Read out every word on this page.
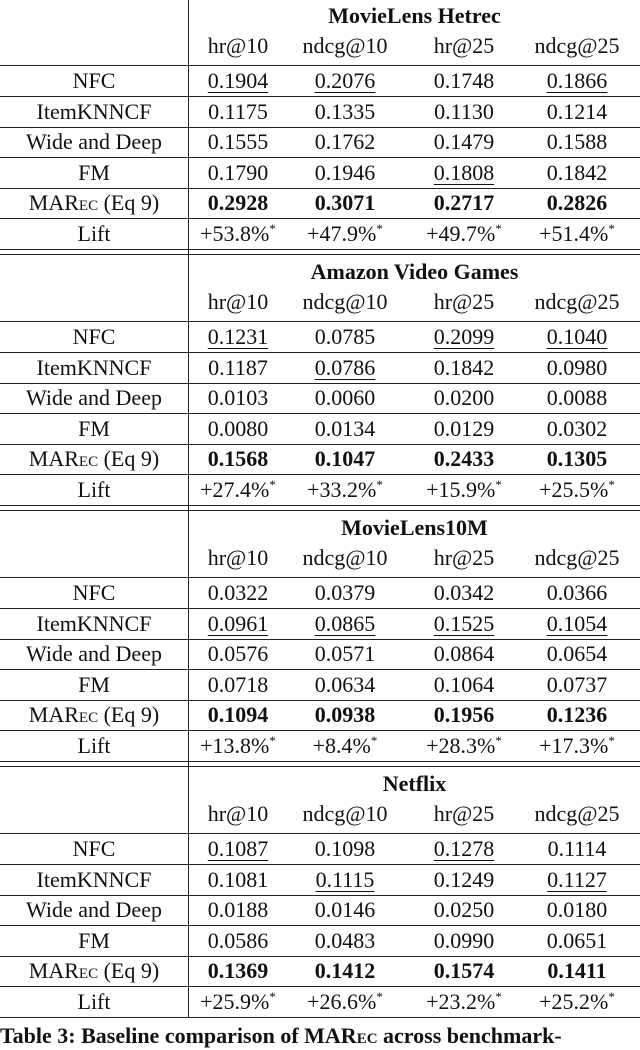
MovieLens Hetrec
hr@10	ndcg@10	hr@25	ndcg@25
NFC	0.1904	0.2076	0.1748	0.1866
ItemKNNCF	0.1175	0.1335	0.1130	0.1214
Wide and Deep	0.1555	0.1762	0.1479	0.1588
FM	0.1790	0.1946	0.1808	0.1842
MARec (Eq 9)	0.2928	0.3071	0.2717	0.2826
Lift	+53.8%*	+47.9%*	+49.7%*	+51.4%*
Amazon Video Games
hr@10	ndcg@10	hr@25	ndcg@25
NFC	0.1231	0.0785	0.2099	0.1040
ItemKNNCF	0.1187	0.0786	0.1842	0.0980
Wide and Deep	0.0103	0.0060	0.0200	0.0088
FM	0.0080	0.0134	0.0129	0.0302
MARec (Eq 9)	0.1568	0.1047	0.2433	0.1305
Lift	+27.4%*	+33.2%*	+15.9%*	+25.5%*
MovieLens10M
hr@10	ndcg@10	hr@25	ndcg@25
NFC	0.0322	0.0379	0.0342	0.0366
ItemKNNCF	0.0961	0.0865	0.1525	0.1054
Wide and Deep	0.0576	0.0571	0.0864	0.0654
FM	0.0718	0.0634	0.1064	0.0737
MARec (Eq 9)	0.1094	0.0938	0.1956	0.1236
Lift	+13.8%*	+8.4%*	+28.3%*	+17.3%*
Netflix
hr@10	ndcg@10	hr@25	ndcg@25
NFC	0.1087	0.1098	0.1278	0.1114
ItemKNNCF	0.1081	0.1115	0.1249	0.1127
Wide and Deep	0.0188	0.0146	0.0250	0.0180
FM	0.0586	0.0483	0.0990	0.0651
MARec (Eq 9)	0.1369	0.1412	0.1574	0.1411
Lift	+25.9%*	+26.6%*	+23.2%*	+25.2%*
Table 3: Baseline comparison of MARec across benchmark-
